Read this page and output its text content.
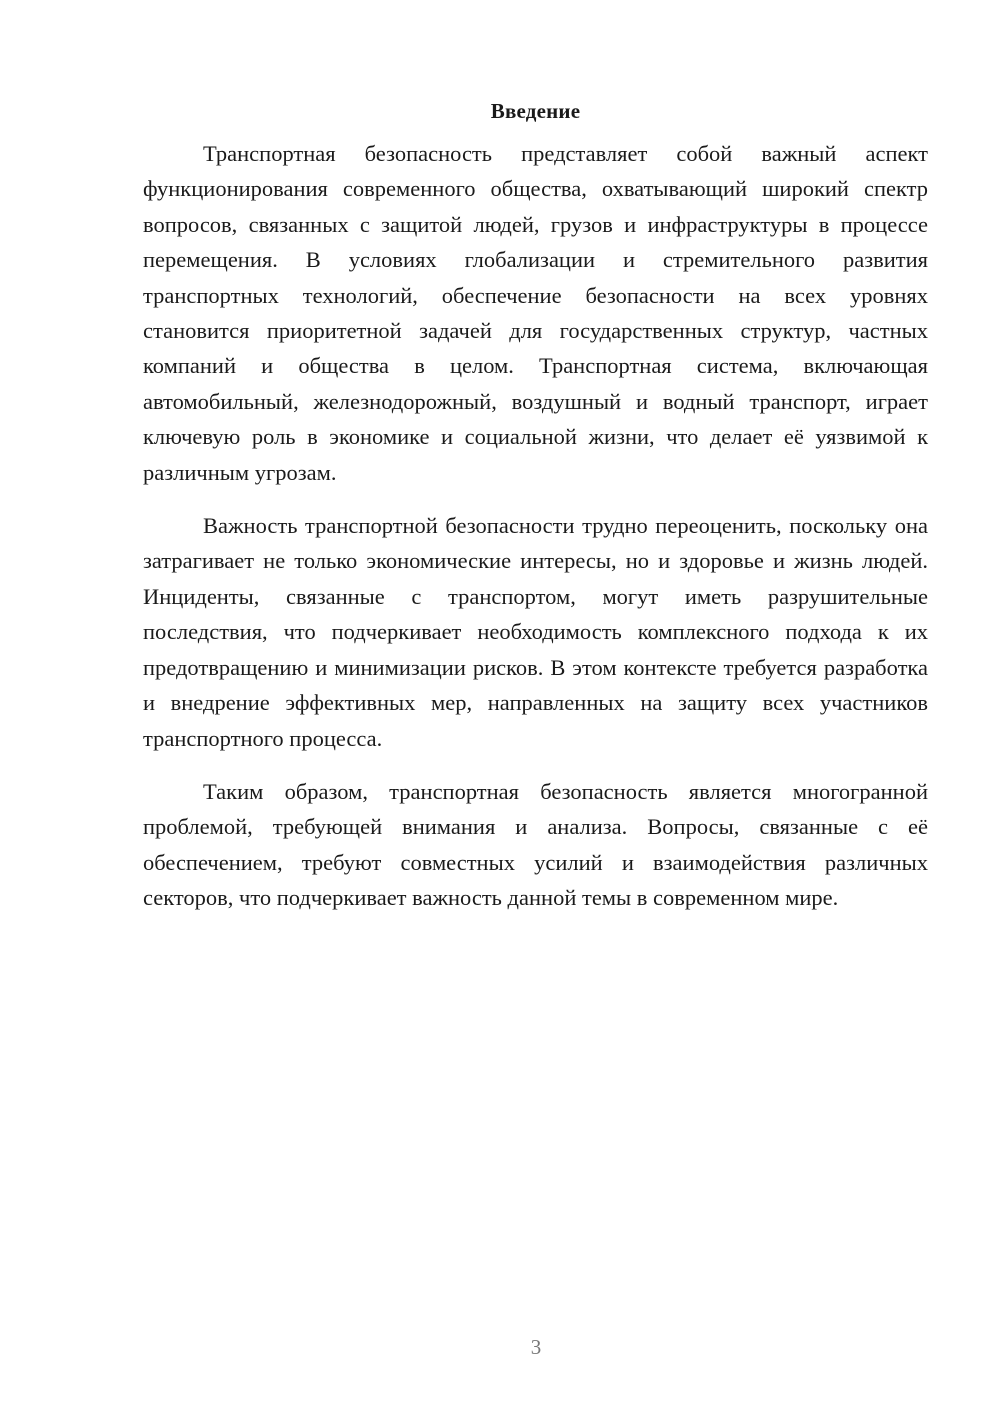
Введение

Транспортная безопасность представляет собой важный аспект функционирования современного общества, охватывающий широкий спектр вопросов, связанных с защитой людей, грузов и инфраструктуры в процессе перемещения. В условиях глобализации и стремительного развития транспортных технологий, обеспечение безопасности на всех уровнях становится приоритетной задачей для государственных структур, частных компаний и общества в целом. Транспортная система, включающая автомобильный, железнодорожный, воздушный и водный транспорт, играет ключевую роль в экономике и социальной жизни, что делает её уязвимой к различным угрозам.

Важность транспортной безопасности трудно переоценить, поскольку она затрагивает не только экономические интересы, но и здоровье и жизнь людей. Инциденты, связанные с транспортом, могут иметь разрушительные последствия, что подчеркивает необходимость комплексного подхода к их предотвращению и минимизации рисков. В этом контексте требуется разработка и внедрение эффективных мер, направленных на защиту всех участников транспортного процесса.

Таким образом, транспортная безопасность является многогранной проблемой, требующей внимания и анализа. Вопросы, связанные с её обеспечением, требуют совместных усилий и взаимодействия различных секторов, что подчеркивает важность данной темы в современном мире.

3
